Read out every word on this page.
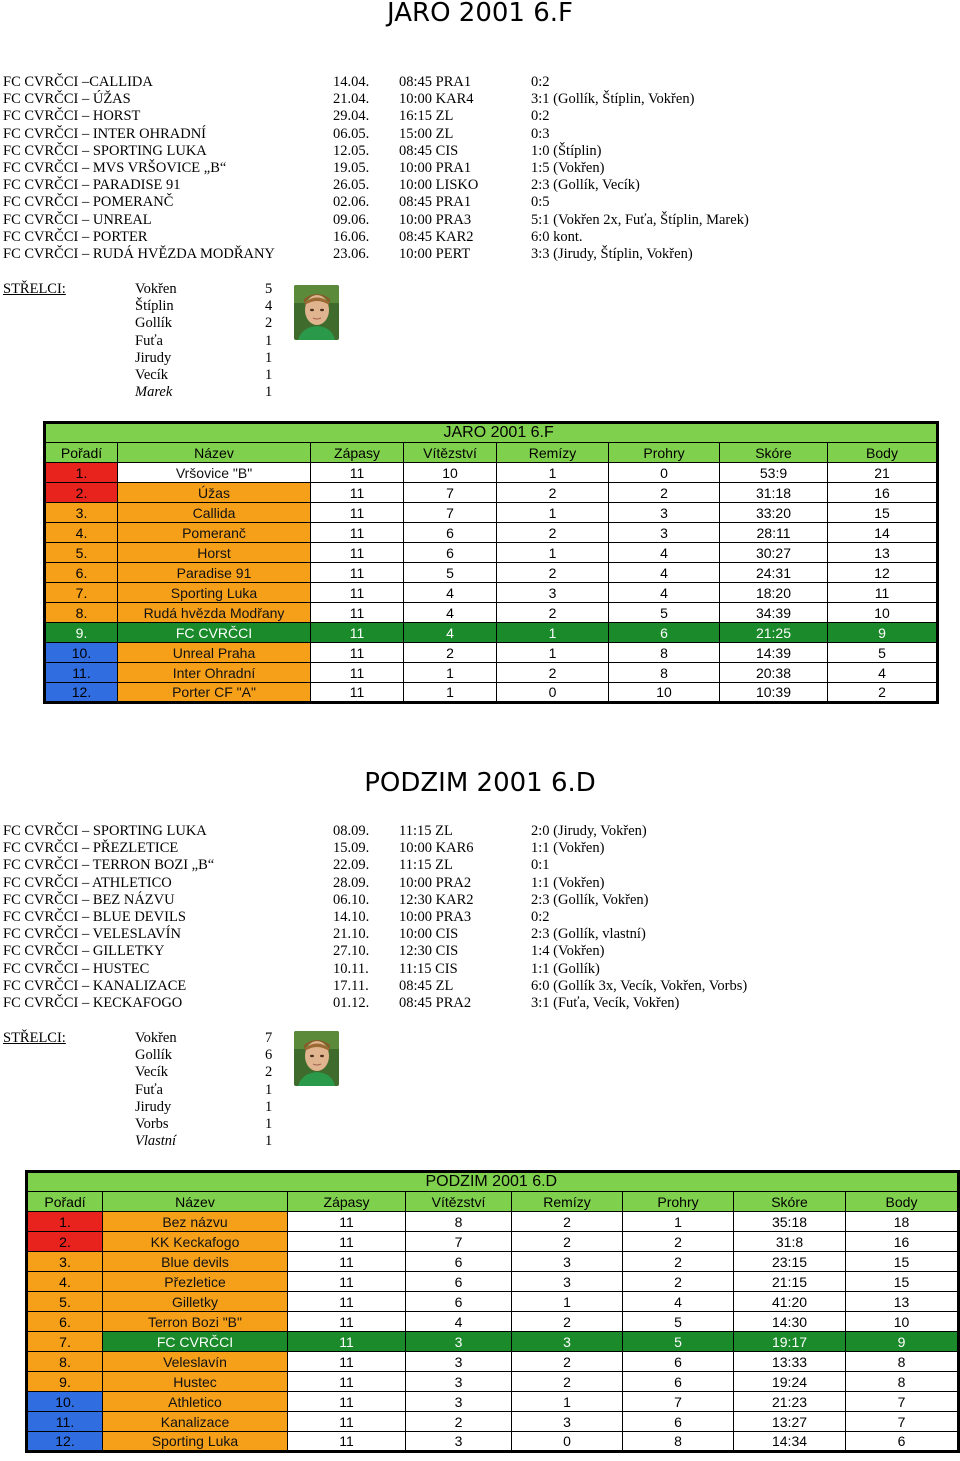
JARO 2001 6.F
FC CVRČCI –CALLIDA	14.04. 08:45 PRA1	0:2
FC CVRČCI – ÚŽAS	21.04. 10:00 KAR4	3:1 (Gollík, Štíplin, Vokřen)
FC CVRČCI – HORST	29.04. 16:15 ZL	0:2
FC CVRČCI – INTER OHRADNÍ	06.05. 15:00 ZL	0:3
FC CVRČCI – SPORTING LUKA	12.05. 08:45 CIS	1:0 (Štíplin)
FC CVRČCI – MVS VRŠOVICE „B“	19.05. 10:00 PRA1	1:5 (Vokřen)
FC CVRČCI – PARADISE 91	26.05. 10:00 LISKO	2:3 (Gollík, Vecík)
FC CVRČCI – POMERANČ	02.06. 08:45 PRA1	0:5
FC CVRČCI – UNREAL	09.06. 10:00 PRA3	5:1 (Vokřen 2x, Fuťa, Štíplin, Marek)
FC CVRČCI – PORTER	16.06. 08:45 KAR2	6:0 kont.
FC CVRČCI – RUDÁ HVĚZDA MODŘANY	23.06. 10:00 PERT	3:3 (Jirudy, Štíplin, Vokřen)
STŘELCI:	Vokřen	5
Štíplin	4
Gollík	2
Fuťa	1
Jirudy	1
Vecík	1
Marek	1
			JARO 2001 6.F				
Pořadí	Název	Zápasy	Vítězství	Remízy	Prohry	Skóre	Body
1.	Vršovice "B"	11	10	1	0	53:9	21
2.	Úžas	11	7	2	2	31:18	16
3.	Callida	11	7	1	3	33:20	15
4.	Pomeranč	11	6	2	3	28:11	14
5.	Horst	11	6	1	4	30:27	13
6.	Paradise 91	11	5	2	4	24:31	12
7.	Sporting Luka	11	4	3	4	18:20	11
8.	Rudá hvězda Modřany	11	4	2	5	34:39	10
9.	FC CVRČCI	11	4	1	6	21:25	9
10.	Unreal Praha	11	2	1	8	14:39	5
11.	Inter Ohradní	11	1	2	8	20:38	4
12.	Porter CF "A"	11	1	0	10	10:39	2
PODZIM 2001 6.D
FC CVRČCI – SPORTING LUKA	08.09. 11:15 ZL	2:0 (Jirudy, Vokřen)
FC CVRČCI – PŘEZLETICE	15.09. 10:00 KAR6	1:1 (Vokřen)
FC CVRČCI – TERRON BOZI „B“	22.09. 11:15 ZL	0:1
FC CVRČCI – ATHLETICO	28.09. 10:00 PRA2	1:1 (Vokřen)
FC CVRČCI – BEZ NÁZVU	06.10. 12:30 KAR2	2:3 (Gollík, Vokřen)
FC CVRČCI – BLUE DEVILS	14.10. 10:00 PRA3	0:2
FC CVRČCI – VELESLAVÍN	21.10. 10:00 CIS	2:3 (Gollík, vlastní)
FC CVRČCI – GILLETKY	27.10. 12:30 CIS	1:4 (Vokřen)
FC CVRČCI – HUSTEC	10.11. 11:15 CIS	1:1 (Gollík)
FC CVRČCI – KANALIZACE	17.11. 08:45 ZL	6:0 (Gollík 3x, Vecík, Vokřen, Vorbs)
FC CVRČCI – KECKAFOGO	01.12. 08:45 PRA2	3:1 (Fuťa, Vecík, Vokřen)
STŘELCI:	Vokřen	7
Gollík	6
Vecík	2
Fuťa	1
Jirudy	1
Vorbs	1
Vlastní	1
			PODZIM 2001 6.D				
Pořadí	Název	Zápasy	Vítězství	Remízy	Prohry	Skóre	Body
1.	Bez názvu	11	8	2	1	35:18	18
2.	KK Keckafogo	11	7	2	2	31:8	16
3.	Blue devils	11	6	3	2	23:15	15
4.	Přezletice	11	6	3	2	21:15	15
5.	Gilletky	11	6	1	4	41:20	13
6.	Terron Bozi "B"	11	4	2	5	14:30	10
7.	FC CVRČCI	11	3	3	5	19:17	9
8.	Veleslavín	11	3	2	6	13:33	8
9.	Hustec	11	3	2	6	19:24	8
10.	Athletico	11	3	1	7	21:23	7
11.	Kanalizace	11	2	3	6	13:27	7
12.	Sporting Luka	11	3	0	8	14:34	6
